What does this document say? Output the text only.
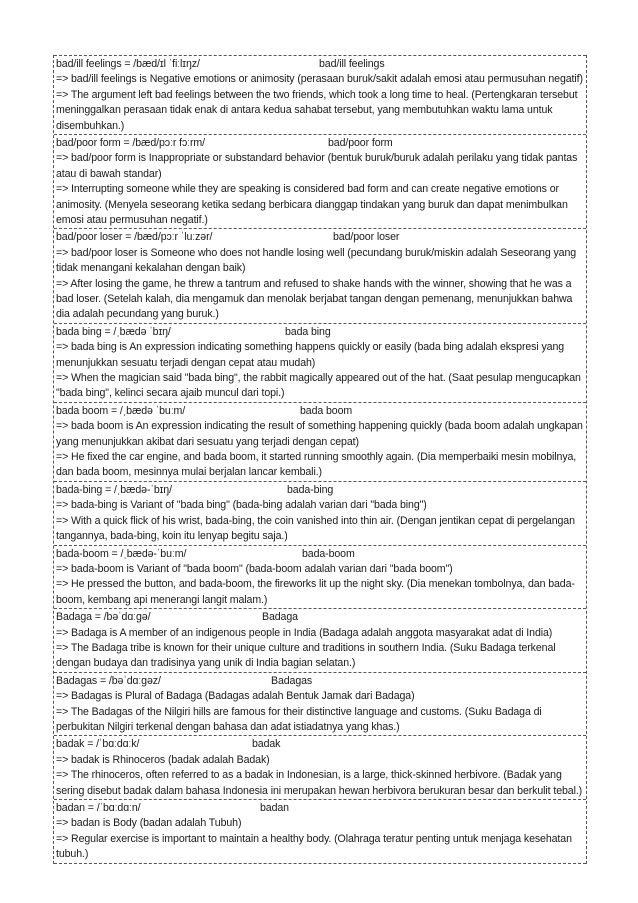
bad/ill feelings = /bæd/ɪl ˈfiːlɪŋz/	bad/ill feelings
=> bad/ill feelings is Negative emotions or animosity (perasaan buruk/sakit adalah emosi atau permusuhan negatif)
=> The argument left bad feelings between the two friends, which took a long time to heal. (Pertengkaran tersebut meninggalkan perasaan tidak enak di antara kedua sahabat tersebut, yang membutuhkan waktu lama untuk disembuhkan.)
bad/poor form = /bæd/pɔːr fɔːrm/	bad/poor form
=> bad/poor form is Inappropriate or substandard behavior (bentuk buruk/buruk adalah perilaku yang tidak pantas atau di bawah standar)
=> Interrupting someone while they are speaking is considered bad form and can create negative emotions or animosity. (Menyela seseorang ketika sedang berbicara dianggap tindakan yang buruk dan dapat menimbulkan emosi atau permusuhan negatif.)
bad/poor loser = /bæd/pɔːr ˈluːzər/	bad/poor loser
=> bad/poor loser is Someone who does not handle losing well (pecundang buruk/miskin adalah Seseorang yang tidak menangani kekalahan dengan baik)
=> After losing the game, he threw a tantrum and refused to shake hands with the winner, showing that he was a bad loser. (Setelah kalah, dia mengamuk dan menolak berjabat tangan dengan pemenang, menunjukkan bahwa dia adalah pecundang yang buruk.)
bada bing = /ˌbædə ˈbɪŋ/	bada bing
=> bada bing is An expression indicating something happens quickly or easily (bada bing adalah ekspresi yang menunjukkan sesuatu terjadi dengan cepat atau mudah)
=> When the magician said "bada bing", the rabbit magically appeared out of the hat. (Saat pesulap mengucapkan "bada bing", kelinci secara ajaib muncul dari topi.)
bada boom = /ˌbædə ˈbuːm/	bada boom
=> bada boom is An expression indicating the result of something happening quickly (bada boom adalah ungkapan yang menunjukkan akibat dari sesuatu yang terjadi dengan cepat)
=> He fixed the car engine, and bada boom, it started running smoothly again. (Dia memperbaiki mesin mobilnya, dan bada boom, mesinnya mulai berjalan lancar kembali.)
bada-bing = /ˌbædə-ˈbɪŋ/	bada-bing
=> bada-bing is Variant of "bada bing" (bada-bing adalah varian dari "bada bing")
=> With a quick flick of his wrist, bada-bing, the coin vanished into thin air. (Dengan jentikan cepat di pergelangan tangannya, bada-bing, koin itu lenyap begitu saja.)
bada-boom = /ˌbædə-ˈbuːm/	bada-boom
=> bada-boom is Variant of "bada boom" (bada-boom adalah varian dari "bada boom")
=> He pressed the button, and bada-boom, the fireworks lit up the night sky. (Dia menekan tombolnya, dan bada-boom, kembang api menerangi langit malam.)
Badaga = /bəˈdɑːɡə/	Badaga
=> Badaga is A member of an indigenous people in India (Badaga adalah anggota masyarakat adat di India)
=> The Badaga tribe is known for their unique culture and traditions in southern India. (Suku Badaga terkenal dengan budaya dan tradisinya yang unik di India bagian selatan.)
Badagas = /bəˈdɑːɡəz/	Badagas
=> Badagas is Plural of Badaga (Badagas adalah Bentuk Jamak dari Badaga)
=> The Badagas of the Nilgiri hills are famous for their distinctive language and customs. (Suku Badaga di perbukitan Nilgiri terkenal dengan bahasa dan adat istiadatnya yang khas.)
badak = /ˈbɑːdɑːk/	badak
=> badak is Rhinoceros (badak adalah Badak)
=> The rhinoceros, often referred to as a badak in Indonesian, is a large, thick-skinned herbivore. (Badak yang sering disebut badak dalam bahasa Indonesia ini merupakan hewan herbivora berukuran besar dan berkulit tebal.)
badan = /ˈbɑːdɑːn/	badan
=> badan is Body (badan adalah Tubuh)
=> Regular exercise is important to maintain a healthy body. (Olahraga teratur penting untuk menjaga kesehatan tubuh.)
